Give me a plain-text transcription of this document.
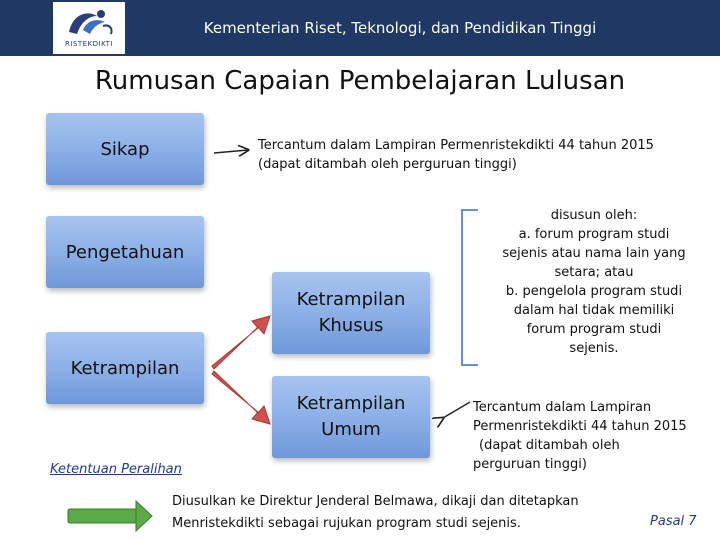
RISTEKDIKTI
Kementerian Riset, Teknologi, dan Pendidikan Tinggi
Rumusan Capaian Pembelajaran Lulusan
Sikap
Pengetahuan
Ketrampilan
Ketrampilan Khusus
Ketrampilan Umum
Tercantum dalam Lampiran Permenristekdikti 44 tahun 2015
(dapat ditambah oleh perguruan tinggi)
disusun oleh:
a. forum program studi
sejenis atau nama lain yang
setara; atau
b. pengelola program studi
dalam hal tidak memiliki
forum program studi
sejenis.
Tercantum dalam Lampiran
Permenristekdikti 44 tahun 2015
(dapat ditambah oleh
perguruan tinggi)
Ketentuan Peralihan
Diusulkan ke Direktur Jenderal Belmawa, dikaji dan ditetapkan
Menristekdikti sebagai rujukan program studi sejenis.	Pasal 7
